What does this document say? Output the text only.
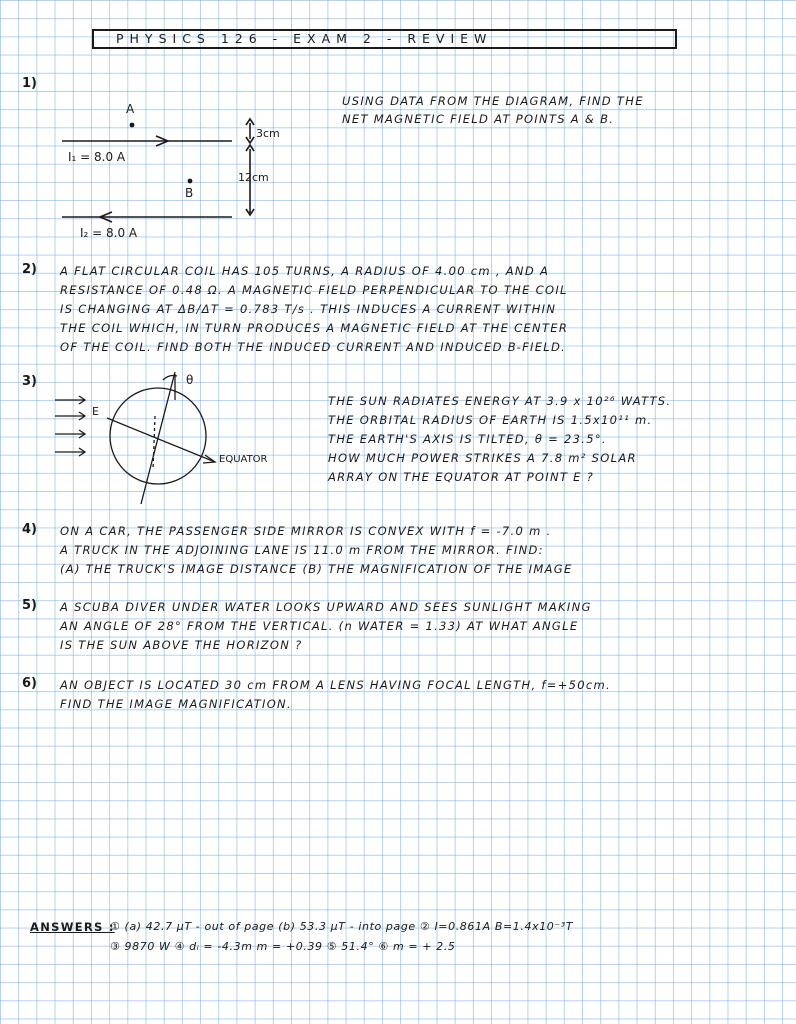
PHYSICS 126 - EXAM 2 - REVIEW
1)
A
B
I₁ = 8.0 A
I₂ = 8.0 A
3cm
12cm
USING DATA FROM THE DIAGRAM, FIND THE
NET MAGNETIC FIELD AT POINTS A & B.
2) A FLAT CIRCULAR COIL HAS 105 TURNS, A RADIUS OF 4.00 cm , AND A
RESISTANCE OF 0.48 Ω. A MAGNETIC FIELD PERPENDICULAR TO THE COIL
IS CHANGING AT ΔB/ΔT = 0.783 T/s . THIS INDUCES A CURRENT WITHIN
THE COIL WHICH, IN TURN PRODUCES A MAGNETIC FIELD AT THE CENTER
OF THE COIL. FIND BOTH THE INDUCED CURRENT AND INDUCED B-FIELD.
3)	θ
E
EQUATOR
THE SUN RADIATES ENERGY AT 3.9 x 10²⁶ WATTS.
THE ORBITAL RADIUS OF EARTH IS 1.5x10¹¹ m.
THE EARTH'S AXIS IS TILTED, θ = 23.5°.
HOW MUCH POWER STRIKES A 7.8 m² SOLAR
ARRAY ON THE EQUATOR AT POINT E ?
4) ON A CAR, THE PASSENGER SIDE MIRROR IS CONVEX WITH f = -7.0 m .
A TRUCK IN THE ADJOINING LANE IS 11.0 m FROM THE MIRROR. FIND:
(A) THE TRUCK'S IMAGE DISTANCE (B) THE MAGNIFICATION OF THE IMAGE
5) A SCUBA DIVER UNDER WATER LOOKS UPWARD AND SEES SUNLIGHT MAKING
AN ANGLE OF 28° FROM THE VERTICAL. (n WATER = 1.33) AT WHAT ANGLE
IS THE SUN ABOVE THE HORIZON ?
6) AN OBJECT IS LOCATED 30 cm FROM A LENS HAVING FOCAL LENGTH, f=+50cm.
FIND THE IMAGE MAGNIFICATION.
ANSWERS :
① (a) 42.7 μT - out of page (b) 53.3 μT - into page ② I=0.861A B=1.4x10⁻³T
③ 9870 W ④ dᵢ = -4.3m m = +0.39 ⑤ 51.4° ⑥ m = + 2.5
